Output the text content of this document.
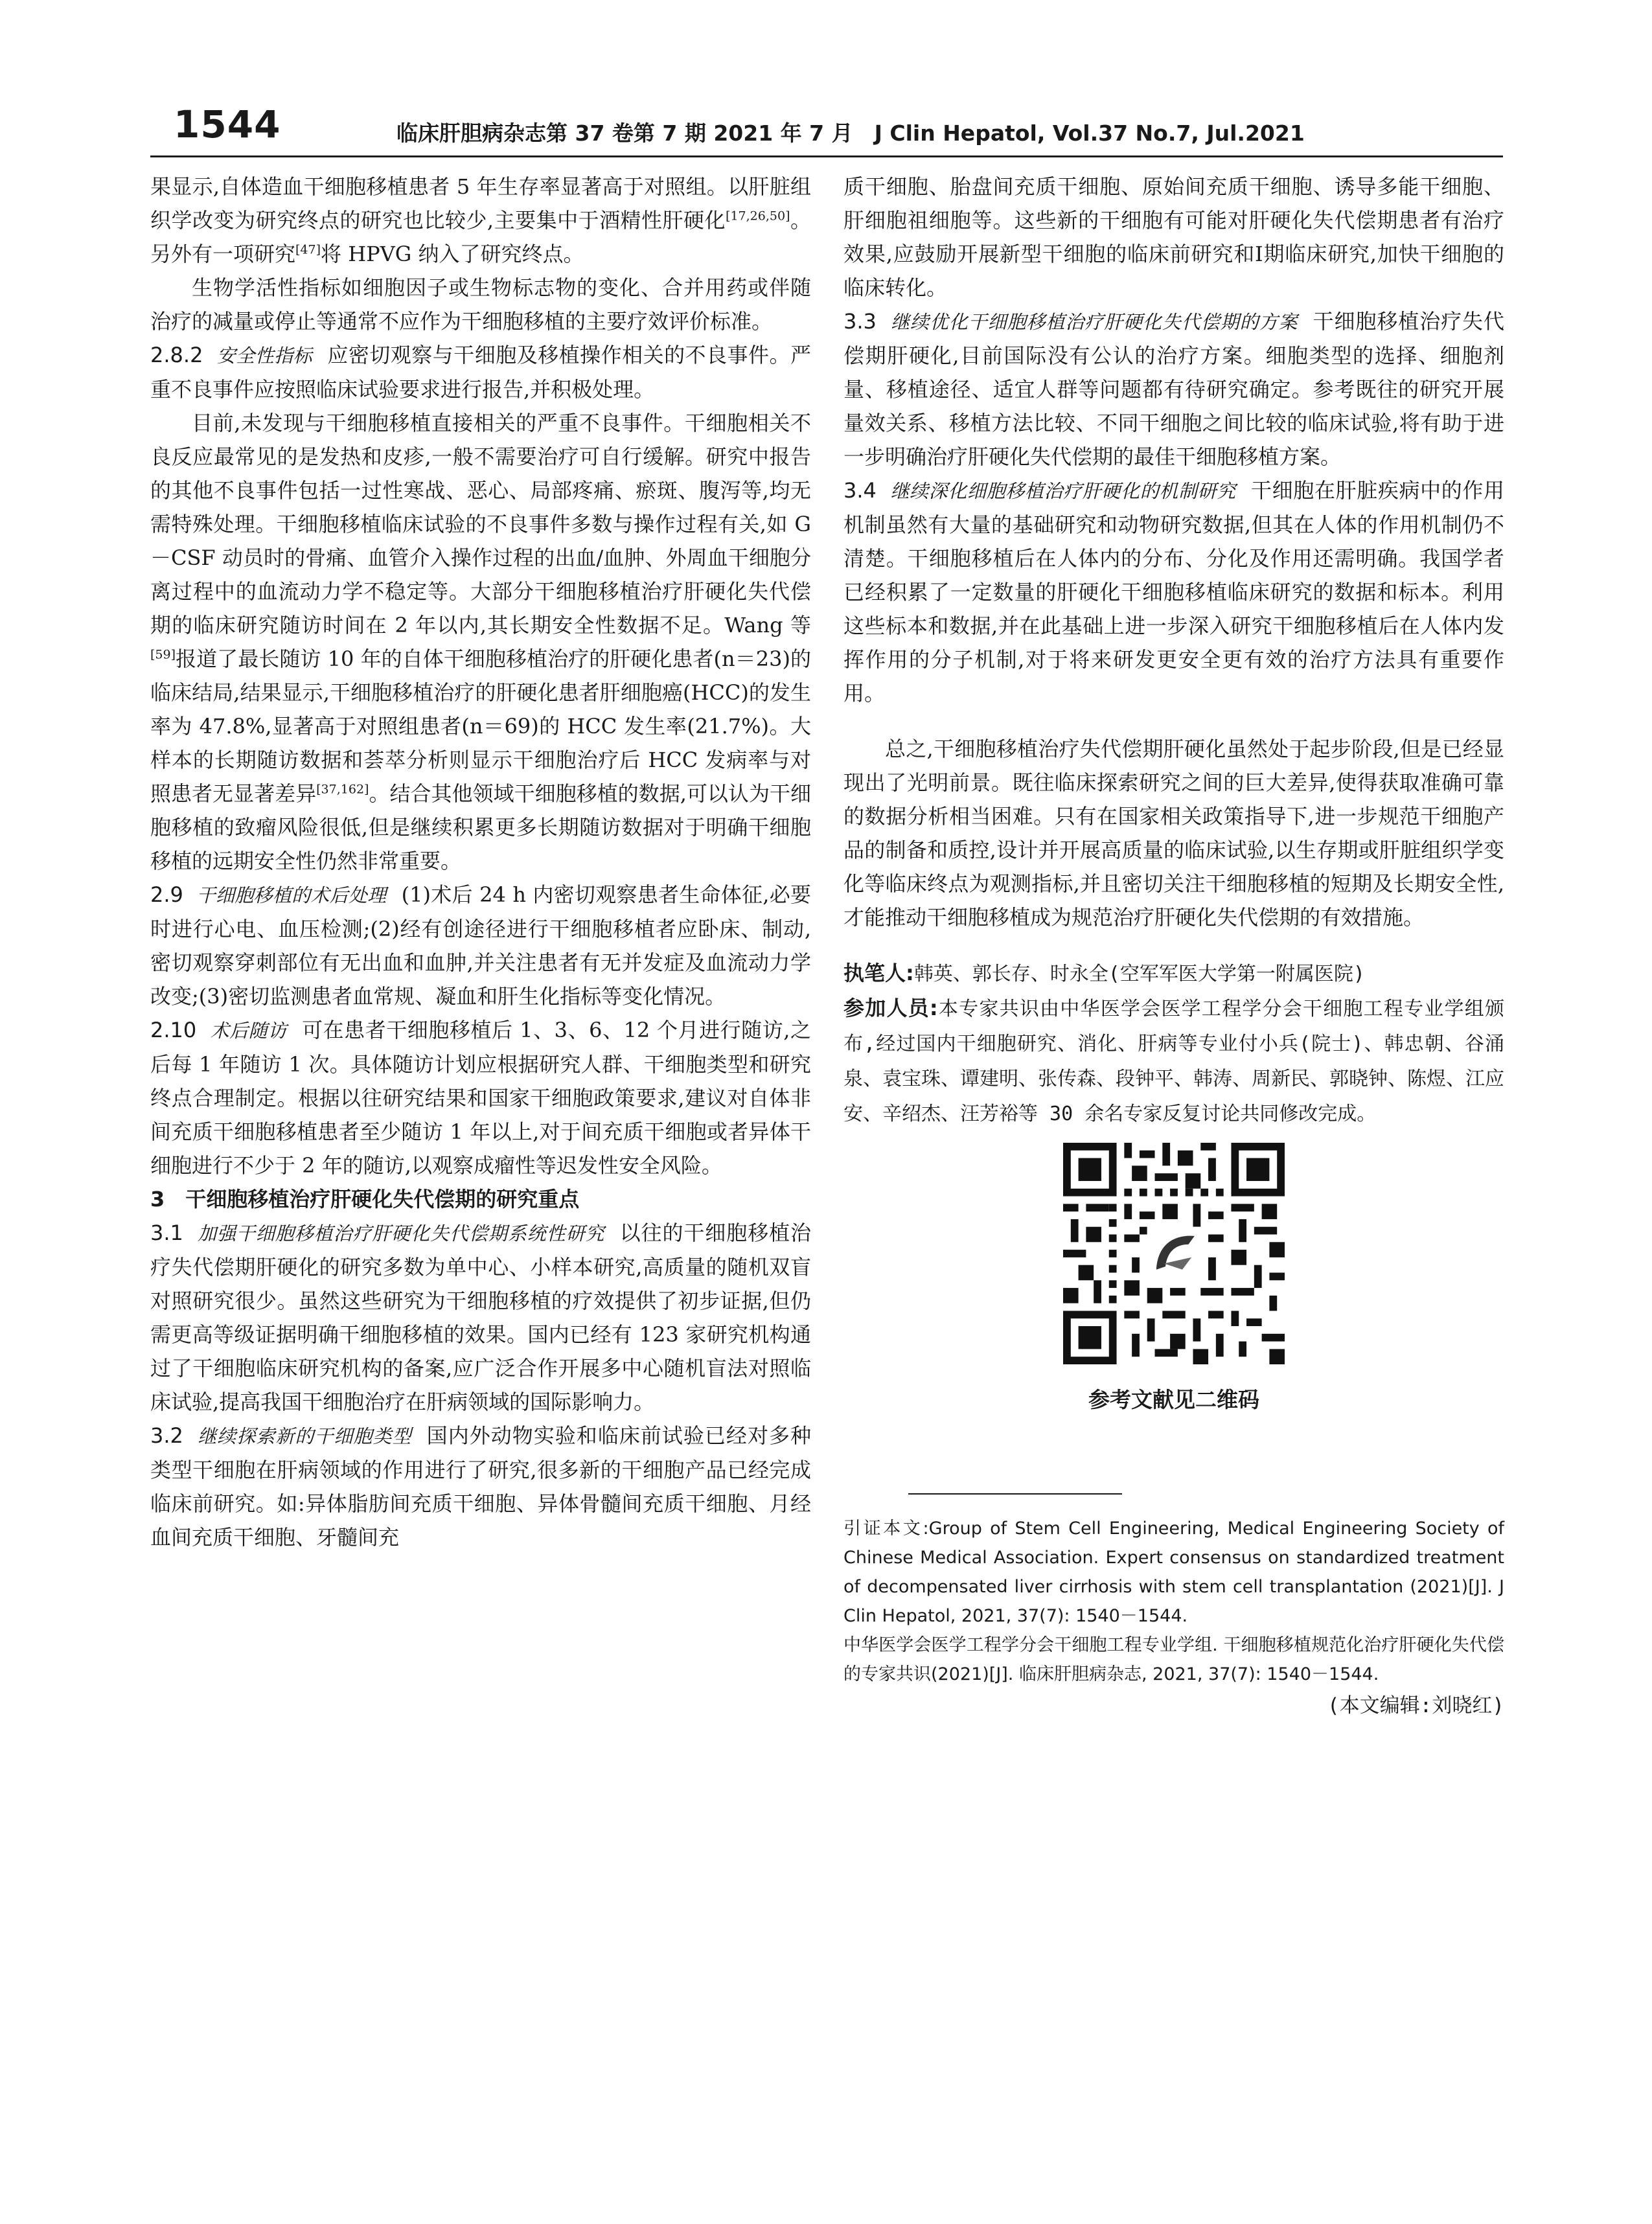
1544	临床肝胆病杂志第 37 卷第 7 期 2021 年 7 月　J Clin Hepatol, Vol.37 No.7, Jul.2021

果显示,自体造血干细胞移植患者 5 年生存率显著高于对照组。以肝脏组织学改变为研究终点的研究也比较少,主要集中于酒精性肝硬化[17,26,50]。另外有一项研究[47]将 HPVG 纳入了研究终点。

生物学活性指标如细胞因子或生物标志物的变化、合并用药或伴随治疗的减量或停止等通常不应作为干细胞移植的主要疗效评价标准。

2.8.2 安全性指标 应密切观察与干细胞及移植操作相关的不良事件。严重不良事件应按照临床试验要求进行报告,并积极处理。

目前,未发现与干细胞移植直接相关的严重不良事件。干细胞相关不良反应最常见的是发热和皮疹,一般不需要治疗可自行缓解。研究中报告的其他不良事件包括一过性寒战、恶心、局部疼痛、瘀斑、腹泻等,均无需特殊处理。干细胞移植临床试验的不良事件多数与操作过程有关,如 G－CSF 动员时的骨痛、血管介入操作过程的出血/血肿、外周血干细胞分离过程中的血流动力学不稳定等。大部分干细胞移植治疗肝硬化失代偿期的临床研究随访时间在 2 年以内,其长期安全性数据不足。Wang 等[59]报道了最长随访 10 年的自体干细胞移植治疗的肝硬化患者(n＝23)的临床结局,结果显示,干细胞移植治疗的肝硬化患者肝细胞癌(HCC)的发生率为 47.8%,显著高于对照组患者(n＝69)的 HCC 发生率(21.7%)。大样本的长期随访数据和荟萃分析则显示干细胞治疗后 HCC 发病率与对照患者无显著差异[37,162]。结合其他领域干细胞移植的数据,可以认为干细胞移植的致瘤风险很低,但是继续积累更多长期随访数据对于明确干细胞移植的远期安全性仍然非常重要。

2.9 干细胞移植的术后处理 (1)术后 24 h 内密切观察患者生命体征,必要时进行心电、血压检测;(2)经有创途径进行干细胞移植者应卧床、制动,密切观察穿刺部位有无出血和血肿,并关注患者有无并发症及血流动力学改变;(3)密切监测患者血常规、凝血和肝生化指标等变化情况。

2.10 术后随访 可在患者干细胞移植后 1、3、6、12 个月进行随访,之后每 1 年随访 1 次。具体随访计划应根据研究人群、干细胞类型和研究终点合理制定。根据以往研究结果和国家干细胞政策要求,建议对自体非间充质干细胞移植患者至少随访 1 年以上,对于间充质干细胞或者异体干细胞进行不少于 2 年的随访,以观察成瘤性等迟发性安全风险。

3　干细胞移植治疗肝硬化失代偿期的研究重点

3.1 加强干细胞移植治疗肝硬化失代偿期系统性研究 以往的干细胞移植治疗失代偿期肝硬化的研究多数为单中心、小样本研究,高质量的随机双盲对照研究很少。虽然这些研究为干细胞移植的疗效提供了初步证据,但仍需更高等级证据明确干细胞移植的效果。国内已经有 123 家研究机构通过了干细胞临床研究机构的备案,应广泛合作开展多中心随机盲法对照临床试验,提高我国干细胞治疗在肝病领域的国际影响力。

3.2 继续探索新的干细胞类型 国内外动物实验和临床前试验已经对多种类型干细胞在肝病领域的作用进行了研究,很多新的干细胞产品已经完成临床前研究。如:异体脂肪间充质干细胞、异体骨髓间充质干细胞、月经血间充质干细胞、牙髓间充

质干细胞、胎盘间充质干细胞、原始间充质干细胞、诱导多能干细胞、肝细胞祖细胞等。这些新的干细胞有可能对肝硬化失代偿期患者有治疗效果,应鼓励开展新型干细胞的临床前研究和Ⅰ期临床研究,加快干细胞的临床转化。

3.3 继续优化干细胞移植治疗肝硬化失代偿期的方案 干细胞移植治疗失代偿期肝硬化,目前国际没有公认的治疗方案。细胞类型的选择、细胞剂量、移植途径、适宜人群等问题都有待研究确定。参考既往的研究开展量效关系、移植方法比较、不同干细胞之间比较的临床试验,将有助于进一步明确治疗肝硬化失代偿期的最佳干细胞移植方案。

3.4 继续深化细胞移植治疗肝硬化的机制研究 干细胞在肝脏疾病中的作用机制虽然有大量的基础研究和动物研究数据,但其在人体的作用机制仍不清楚。干细胞移植后在人体内的分布、分化及作用还需明确。我国学者已经积累了一定数量的肝硬化干细胞移植临床研究的数据和标本。利用这些标本和数据,并在此基础上进一步深入研究干细胞移植后在人体内发挥作用的分子机制,对于将来研发更安全更有效的治疗方法具有重要作用。

总之,干细胞移植治疗失代偿期肝硬化虽然处于起步阶段,但是已经显现出了光明前景。既往临床探索研究之间的巨大差异,使得获取准确可靠的数据分析相当困难。只有在国家相关政策指导下,进一步规范干细胞产品的制备和质控,设计并开展高质量的临床试验,以生存期或肝脏组织学变化等临床终点为观测指标,并且密切关注干细胞移植的短期及长期安全性,才能推动干细胞移植成为规范治疗肝硬化失代偿期的有效措施。

执笔人:韩英、郭长存、时永全(空军军医大学第一附属医院)

参加人员:本专家共识由中华医学会医学工程学分会干细胞工程专业学组颁布,经过国内干细胞研究、消化、肝病等专业付小兵(院士)、韩忠朝、谷涌泉、袁宝珠、谭建明、张传森、段钟平、韩涛、周新民、郭晓钟、陈煜、江应安、辛绍杰、汪芳裕等 30 余名专家反复讨论共同修改完成。

参考文献见二维码

引证本文:Group of Stem Cell Engineering, Medical Engineering Society of Chinese Medical Association. Expert consensus on standardized treatment of decompensated liver cirrhosis with stem cell transplantation (2021)[J]. J Clin Hepatol, 2021, 37(7): 1540－1544.

中华医学会医学工程学分会干细胞工程专业学组. 干细胞移植规范化治疗肝硬化失代偿的专家共识(2021)[J]. 临床肝胆病杂志, 2021, 37(7): 1540－1544.

(本文编辑:刘晓红)
